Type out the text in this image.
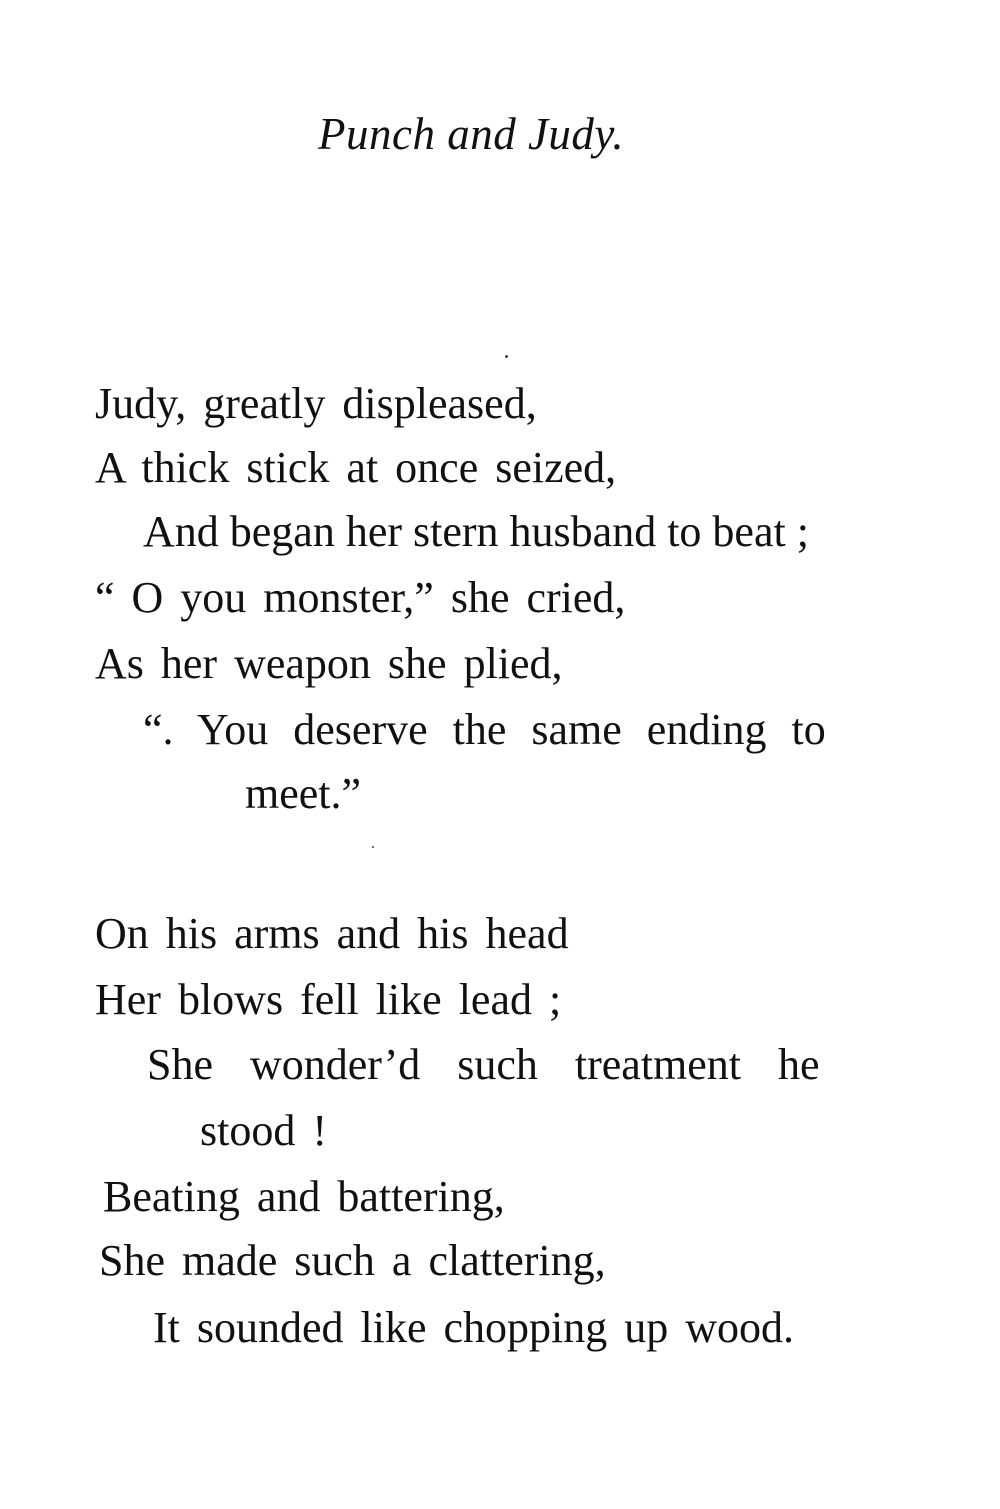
Punch and Judy.
Judy, greatly displeased,
A thick stick at once seized,
And began her stern husband to beat ;
“ O you monster,” she cried,
As her weapon she plied,
“. You deserve the same ending to
meet.”
On his arms and his head
Her blows fell like lead ;
She wonder’d such treatment he
stood !
Beating and battering,
She made such a clattering,
It sounded like chopping up wood.
